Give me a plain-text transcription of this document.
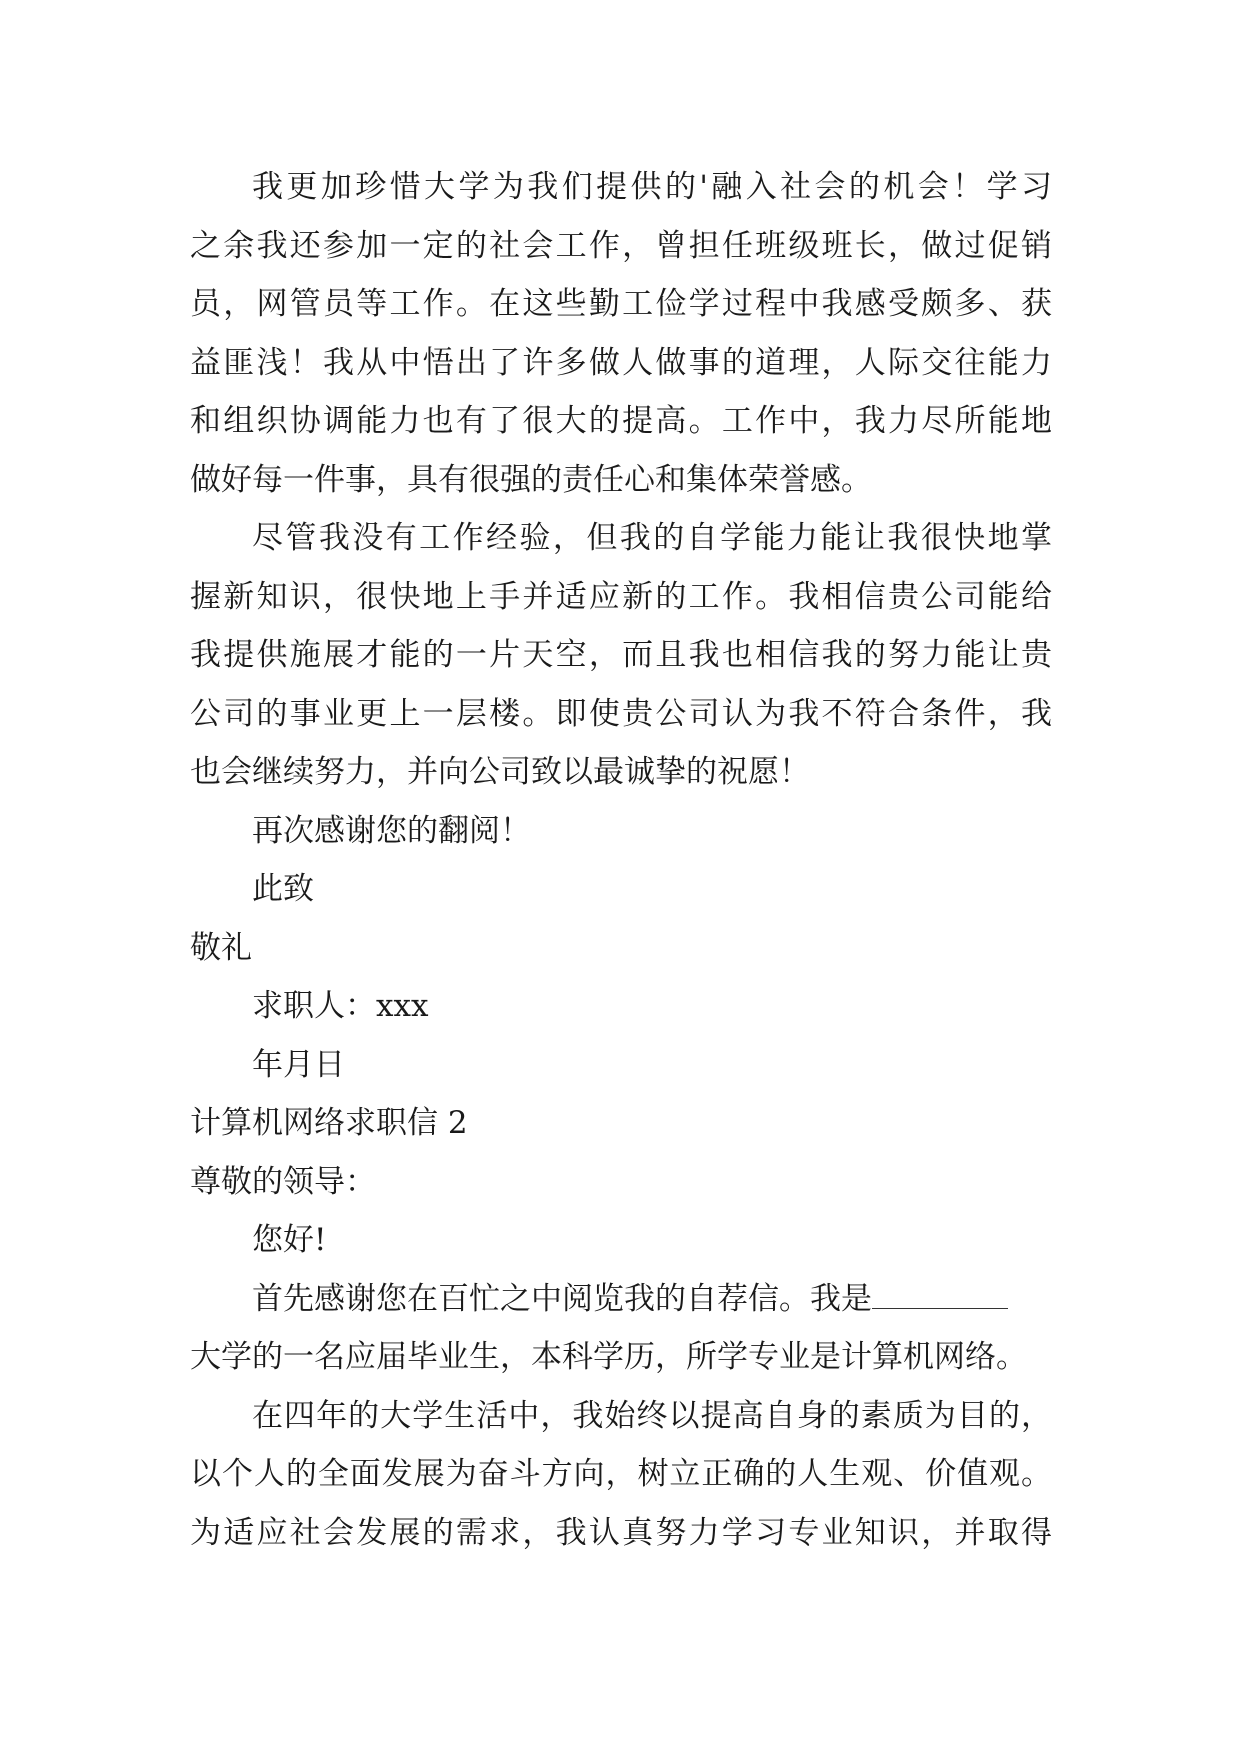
我更加珍惜大学为我们提供的'融入社会的机会！学习
之余我还参加一定的社会工作，曾担任班级班长，做过促销
员，网管员等工作。在这些勤工俭学过程中我感受颇多、获
益匪浅！我从中悟出了许多做人做事的道理，人际交往能力
和组织协调能力也有了很大的提高。工作中，我力尽所能地
做好每一件事，具有很强的责任心和集体荣誉感。
尽管我没有工作经验，但我的自学能力能让我很快地掌
握新知识，很快地上手并适应新的工作。我相信贵公司能给
我提供施展才能的一片天空，而且我也相信我的努力能让贵
公司的事业更上一层楼。即使贵公司认为我不符合条件，我
也会继续努力，并向公司致以最诚挚的祝愿！
再次感谢您的翻阅！
此致
敬礼
求职人：xxx
年月日
计算机网络求职信 2
尊敬的领导：
您好!
首先感谢您在百忙之中阅览我的自荐信。我是
大学的一名应届毕业生，本科学历，所学专业是计算机网络。
在四年的大学生活中，我始终以提高自身的素质为目的，
以个人的全面发展为奋斗方向，树立正确的人生观、价值观。
为适应社会发展的需求，我认真努力学习专业知识，并取得
